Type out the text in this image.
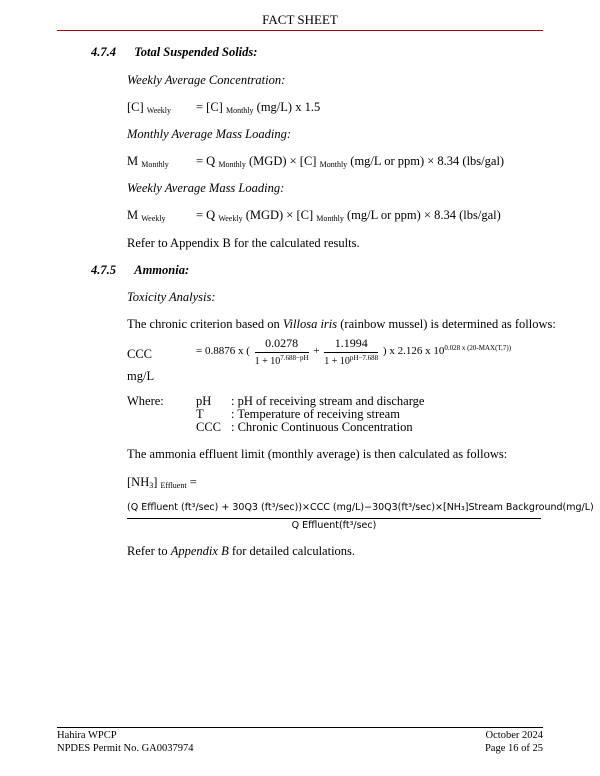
FACT SHEET
4.7.4 Total Suspended Solids:
Weekly Average Concentration:
[C] $_{Weekly}$ = [C] $_{Monthly}$ (mg/L) x 1.5
Monthly Average Mass Loading:
M $_{Monthly}$ = Q $_{Monthly}$ (MGD) × [C] $_{Monthly}$ (mg/L or ppm) × 8.34 (lbs/gal)
Weekly Average Mass Loading:
M $_{Weekly}$ = Q $_{Weekly}$ (MGD) × [C] $_{Monthly}$ (mg/L or ppm) × 8.34 (lbs/gal)
Refer to Appendix B for the calculated results.
4.7.5 Ammonia:
Toxicity Analysis:
The chronic criterion based on Villosa iris (rainbow mussel) is determined as follows:
CCC
mg/L
= 0.8876 x ( $\frac{0.0278}{1 + 10^{7.688-pH}} + \frac{1.1994}{1 + 10^{pH-7.688}}$ ) x 2.126 x $10^{0.028 x (20-MAX(T,7))}$
Where:	pH : pH of receiving stream and discharge
T : Temperature of receiving stream
CCC : Chronic Continuous Concentration
The ammonia effluent limit (monthly average) is then calculated as follows:
$[NH_3] _{Effluent}$ =
(Q Effluent (ft³/sec) + 30Q3 (ft³/sec))×CCC (mg/L)−30Q3(ft³/sec)×[NH₃]Stream Background(mg/L)
Q Effluent(ft³/sec)
Refer to Appendix B for detailed calculations.
Hahira WPCP
NPDES Permit No. GA0037974
October 2024
Page 16 of 25
